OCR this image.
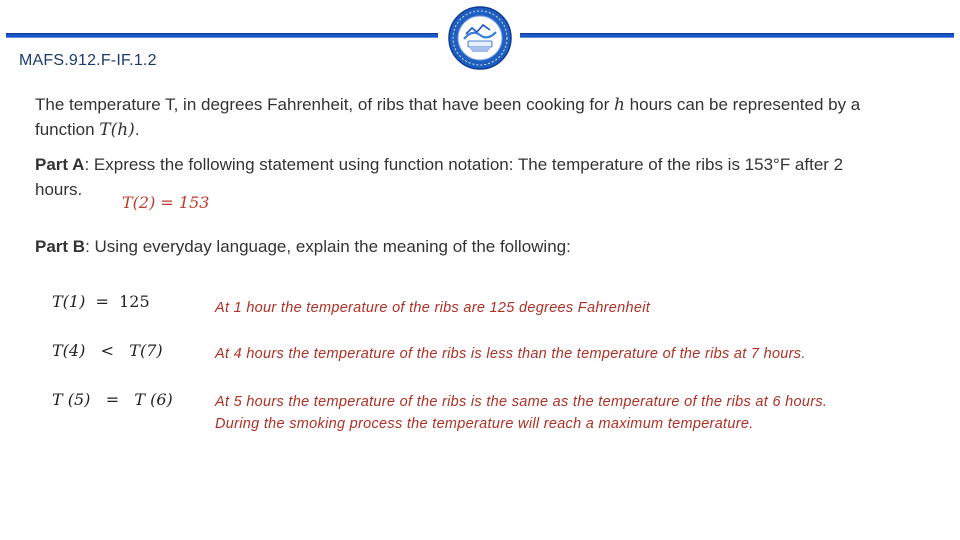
MAFS.912.F-IF.1.2
The temperature T, in degrees Fahrenheit, of ribs that have been cooking for h hours can be represented by a
function T(h).
Part A: Express the following statement using function notation: The temperature of the ribs is 153°F after 2
hours.
T(2) = 153
Part B: Using everyday language, explain the meaning of the following:
T(1) = 125	At 1 hour the temperature of the ribs are 125 degrees Fahrenheit
T(4) < T(7)	At 4 hours the temperature of the ribs is less than the temperature of the ribs at 7 hours.
T (5) = T (6)	At 5 hours the temperature of the ribs is the same as the temperature of the ribs at 6 hours.
During the smoking process the temperature will reach a maximum temperature.
